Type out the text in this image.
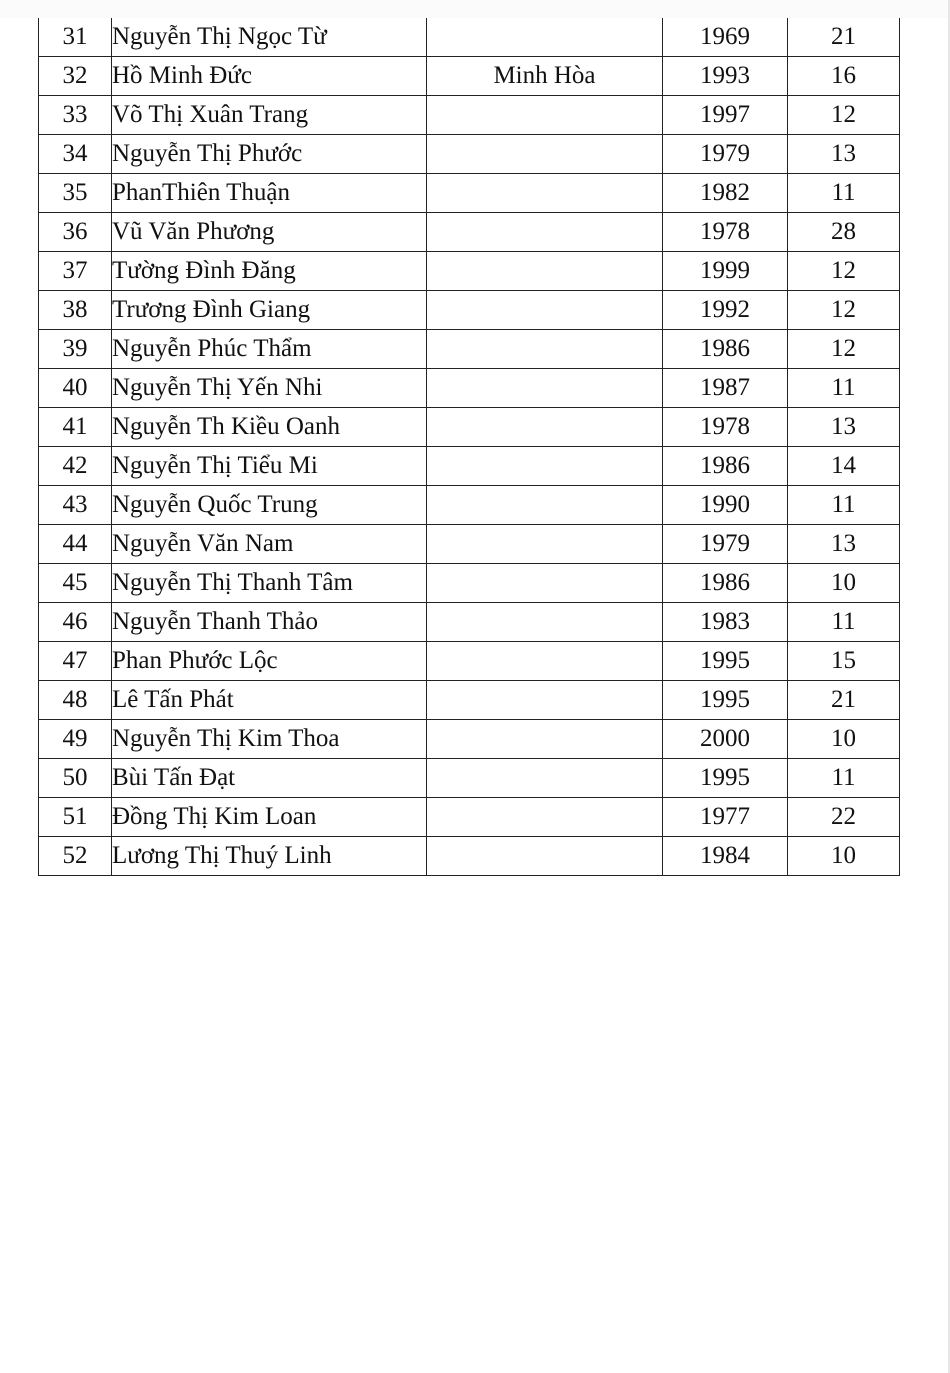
31	Nguyễn Thị Ngọc Từ		1969	21
32	Hồ Minh Đức	Minh Hòa	1993	16
33	Võ Thị Xuân Trang		1997	12
34	Nguyễn Thị Phước		1979	13
35	PhanThiên Thuận		1982	11
36	Vũ Văn Phương		1978	28
37	Tường Đình Đăng		1999	12
38	Trương Đình Giang		1992	12
39	Nguyễn Phúc Thẩm		1986	12
40	Nguyễn Thị Yến Nhi		1987	11
41	Nguyễn Th Kiều Oanh		1978	13
42	Nguyễn Thị Tiểu Mi		1986	14
43	Nguyễn Quốc Trung		1990	11
44	Nguyễn Văn Nam		1979	13
45	Nguyễn Thị Thanh Tâm		1986	10
46	Nguyễn Thanh Thảo		1983	11
47	Phan Phước Lộc		1995	15
48	Lê Tấn Phát		1995	21
49	Nguyễn Thị Kim Thoa		2000	10
50	Bùi Tấn Đạt		1995	11
51	Đồng Thị Kim Loan		1977	22
52	Lương Thị Thuý Linh		1984	10
